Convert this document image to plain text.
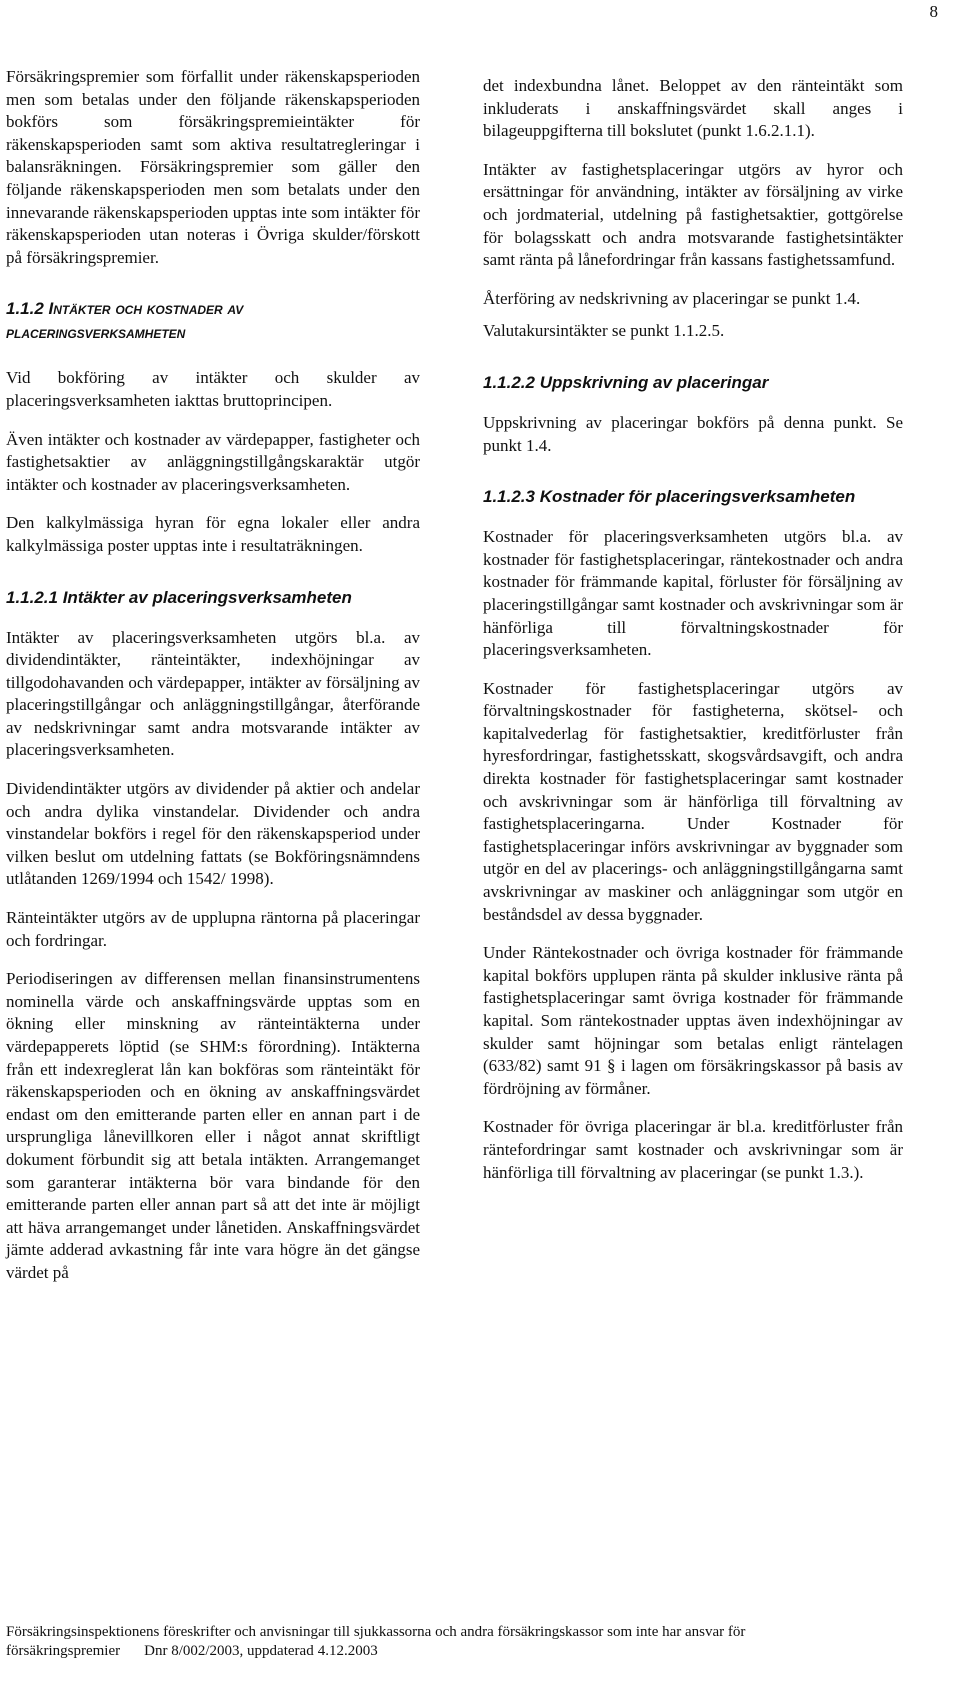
8

Försäkringspremier som förfallit under räkenskapsperioden men som betalas under den följande räkenskapsperioden bokförs som försäkringspremieintäkter för räkenskapsperioden samt som aktiva resultatregleringar i balansräkningen. Försäkringspremier som gäller den följande räkenskapsperioden men som betalats under den innevarande räkenskapsperioden upptas inte som intäkter för räkenskapsperioden utan noteras i Övriga skulder/förskott på försäkringspremier.

1.1.2 Intäkter och kostnader av placeringsverksamheten

Vid bokföring av intäkter och skulder av placeringsverksamheten iakttas bruttoprincipen.

Även intäkter och kostnader av värdepapper, fastigheter och fastighetsaktier av anläggningstillgångskaraktär utgör intäkter och kostnader av placeringsverksamheten.

Den kalkylmässiga hyran för egna lokaler eller andra kalkylmässiga poster upptas inte i resultaträkningen.

1.1.2.1 Intäkter av placeringsverksamheten

Intäkter av placeringsverksamheten utgörs bl.a. av dividendintäkter, ränteintäkter, indexhöjningar av tillgodohavanden och värdepapper, intäkter av försäljning av placeringstillgångar och anläggningstillgångar, återförande av nedskrivningar samt andra motsvarande intäkter av placeringsverksamheten.

Dividendintäkter utgörs av dividender på aktier och andelar och andra dylika vinstandelar. Dividender och andra vinstandelar bokförs i regel för den räkenskapsperiod under vilken beslut om utdelning fattats (se Bokföringsnämndens utlåtanden 1269/1994 och 1542/ 1998).

Ränteintäkter utgörs av de upplupna räntorna på placeringar och fordringar.

Periodiseringen av differensen mellan finansinstrumentens nominella värde och anskaffningsvärde upptas som en ökning eller minskning av ränteintäkterna under värdepapperets löptid (se SHM:s förordning). Intäkterna från ett indexreglerat lån kan bokföras som ränteintäkt för räkenskapsperioden och en ökning av anskaffningsvärdet endast om den emitterande parten eller en annan part i de ursprungliga lånevillkoren eller i något annat skriftligt dokument förbundit sig att betala intäkten. Arrangemanget som garanterar intäkterna bör vara bindande för den emitterande parten eller annan part så att det inte är möjligt att häva arrangemanget under lånetiden. Anskaffningsvärdet jämte adderad avkastning får inte vara högre än det gängse värdet på

det indexbundna lånet. Beloppet av den ränteintäkt som inkluderats i anskaffningsvärdet skall anges i bilageuppgifterna till bokslutet (punkt 1.6.2.1.1).

Intäkter av fastighetsplaceringar utgörs av hyror och ersättningar för användning, intäkter av försäljning av virke och jordmaterial, utdelning på fastighetsaktier, gottgörelse för bolagsskatt och andra motsvarande fastighetsintäkter samt ränta på lånefordringar från kassans fastighetssamfund.

Återföring av nedskrivning av placeringar se punkt 1.4.

Valutakursintäkter se punkt 1.1.2.5.

1.1.2.2 Uppskrivning av placeringar

Uppskrivning av placeringar bokförs på denna punkt. Se punkt 1.4.

1.1.2.3 Kostnader för placeringsverksamheten

Kostnader för placeringsverksamheten utgörs bl.a. av kostnader för fastighetsplaceringar, räntekostnader och andra kostnader för främmande kapital, förluster för försäljning av placeringstillgångar samt kostnader och avskrivningar som är hänförliga till förvaltningskostnader för placeringsverksamheten.

Kostnader för fastighetsplaceringar utgörs av förvaltningskostnader för fastigheterna, skötsel- och kapitalvederlag för fastighetsaktier, kreditförluster från hyresfordringar, fastighetsskatt, skogsvårdsavgift, och andra direkta kostnader för fastighetsplaceringar samt kostnader och avskrivningar som är hänförliga till förvaltning av fastighetsplaceringarna. Under Kostnader för fastighetsplaceringar införs avskrivningar av byggnader som utgör en del av placerings- och anläggningstillgångarna samt avskrivningar av maskiner och anläggningar som utgör en beståndsdel av dessa byggnader.

Under Räntekostnader och övriga kostnader för främmande kapital bokförs upplupen ränta på skulder inklusive ränta på fastighetsplaceringar samt övriga kostnader för främmande kapital. Som räntekostnader upptas även indexhöjningar av skulder samt höjningar som betalas enligt räntelagen (633/82) samt 91 § i lagen om försäkringskassor på basis av fördröjning av förmåner.

Kostnader för övriga placeringar är bl.a. kreditförluster från räntefordringar samt kostnader och avskrivningar som är hänförliga till förvaltning av placeringar (se punkt 1.3.).

Försäkringsinspektionens föreskrifter och anvisningar till sjukkassorna och andra försäkringskassor som inte har ansvar för
försäkringspremier Dnr 8/002/2003, uppdaterad 4.12.2003
